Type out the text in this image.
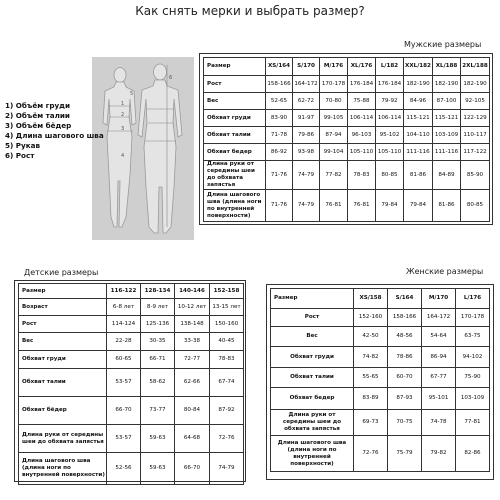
Как снять мерки и выбрать размер?
1
2
3
4
5
6
1) Объём груди
2) Объём талии
3) Объём бёдер
4) Длина шагового шва
5) Рукав
6) Рост
Мужские размеры
Размер	XS/164	S/170	M/176	XL/176	L/182	XXL/182	XL/188	2XL/188
Рост	158-166	164-172	170-178	176-184	176-184	182-190	182-190	182-190
Вес	52-65	62-72	70-80	75-88	79-92	84-96	87-100	92-105
Обхват груди	83-90	91-97	99-105	106-114	106-114	115-121	115-121	122-129
Обхват талии	71-78	79-86	87-94	96-103	95-102	104-110	103-109	110-117
Обхват бедер	86-92	93-98	99-104	105-110	105-110	111-116	111-116	117-122
Длина руки от середины шеи до обхвата запястья	71-76	74-79	77-82	78-83	80-85	81-86	84-89	85-90
Длина шагового шва (длина ноги по внутренней поверхности)	71-76	74-79	76-81	76-81	79-84	79-84	81-86	80-85
Детские размеры
Размер	116-122	128-134	140-146	152-158
Возраст	6-8 лет	8-9 лет	10-12 лет	13-15 лет
Рост	114-124	125-136	138-148	150-160
Вес	22-28	30-35	33-38	40-45
Обхват груди	60-65	66-71	72-77	78-83
Обхват талии	53-57	58-62	62-66	67-74
Обхват бёдер	66-70	73-77	80-84	87-92
Длина руки от середины шеи до обхвата запястья	53-57	59-63	64-68	72-76
Длина шагового шва (длина ноги по внутренней поверхности)	52-56	59-63	66-70	74-79
Женские размеры
Размер	XS/158	S/164	M/170	L/176
Рост	152-160	158-166	164-172	170-178
Вес	42-50	48-56	54-64	63-75
Обхват груди	74-82	78-86	86-94	94-102
Обхват талии	55-65	60-70	67-77	75-90
Обхват бедер	83-89	87-93	95-101	103-109
Длина руки от середины шеи до обхвата запястья	69-73	70-75	74-78	77-81
Длина шагового шва (длина ноги по внутренней поверхности)	72-76	75-79	79-82	82-86
